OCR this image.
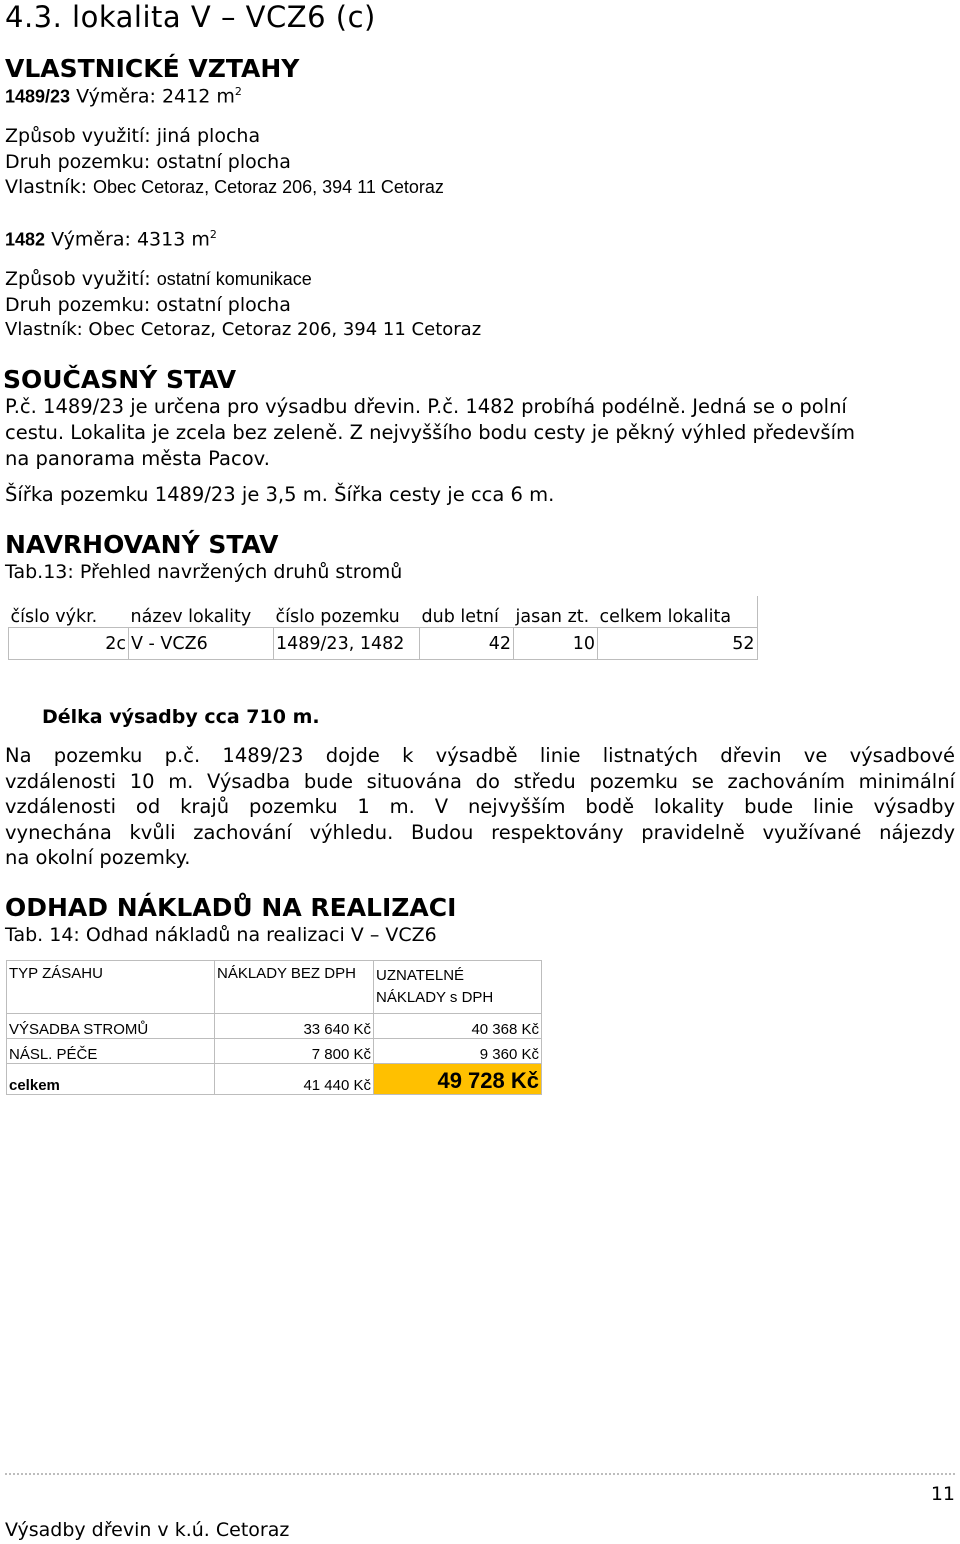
4.3. lokalita V – VCZ6 (c)
VLASTNICKÉ VZTAHY
1489/23 Výměra: 2412 $m^2$
Způsob využití: jiná plocha
Druh pozemku: ostatní plocha
Vlastník: Obec Cetoraz, Cetoraz 206, 394 11 Cetoraz
1482 Výměra: 4313 $m^2$
Způsob využití: ostatní komunikace
Druh pozemku: ostatní plocha
Vlastník: Obec Cetoraz, Cetoraz 206, 394 11 Cetoraz
SOUČASNÝ STAV
P.č. 1489/23 je určena pro výsadbu dřevin. P.č. 1482 probíhá podélně. Jedná se o polní
cestu. Lokalita je zcela bez zeleně. Z nejvyššího bodu cesty je pěkný výhled především
na panorama města Pacov.
Šířka pozemku 1489/23 je 3,5 m. Šířka cesty je cca 6 m.
NAVRHOVANÝ STAV
Tab.13: Přehled navržených druhů stromů
číslo výkr.	název lokality	číslo pozemku	dub letní	jasan zt.	celkem lokalita
2c	V - VCZ6	1489/23, 1482	42	10	52
Délka výsadby cca 710 m.
Na pozemku p.č. 1489/23 dojde k výsadbě linie listnatých dřevin ve výsadbové
vzdálenosti 10 m. Výsadba bude situována do středu pozemku se zachováním minimální
vzdálenosti od krajů pozemku 1 m. V nejvyšším bodě lokality bude linie výsadby
vynechána kvůli zachování výhledu. Budou respektovány pravidelně využívané nájezdy
na okolní pozemky.
ODHAD NÁKLADŮ NA REALIZACI
Tab. 14: Odhad nákladů na realizaci V – VCZ6
TYP ZÁSAHU	NÁKLADY BEZ DPH	UZNATELNÉ
NÁKLADY s DPH

VÝSADBA STROMŮ	33 640 Kč	40 368 Kč
NÁSL. PÉČE	7 800 Kč	9 360 Kč
celkem	41 440 Kč	49 728 Kč
11
Výsadby dřevin v k.ú. Cetoraz
